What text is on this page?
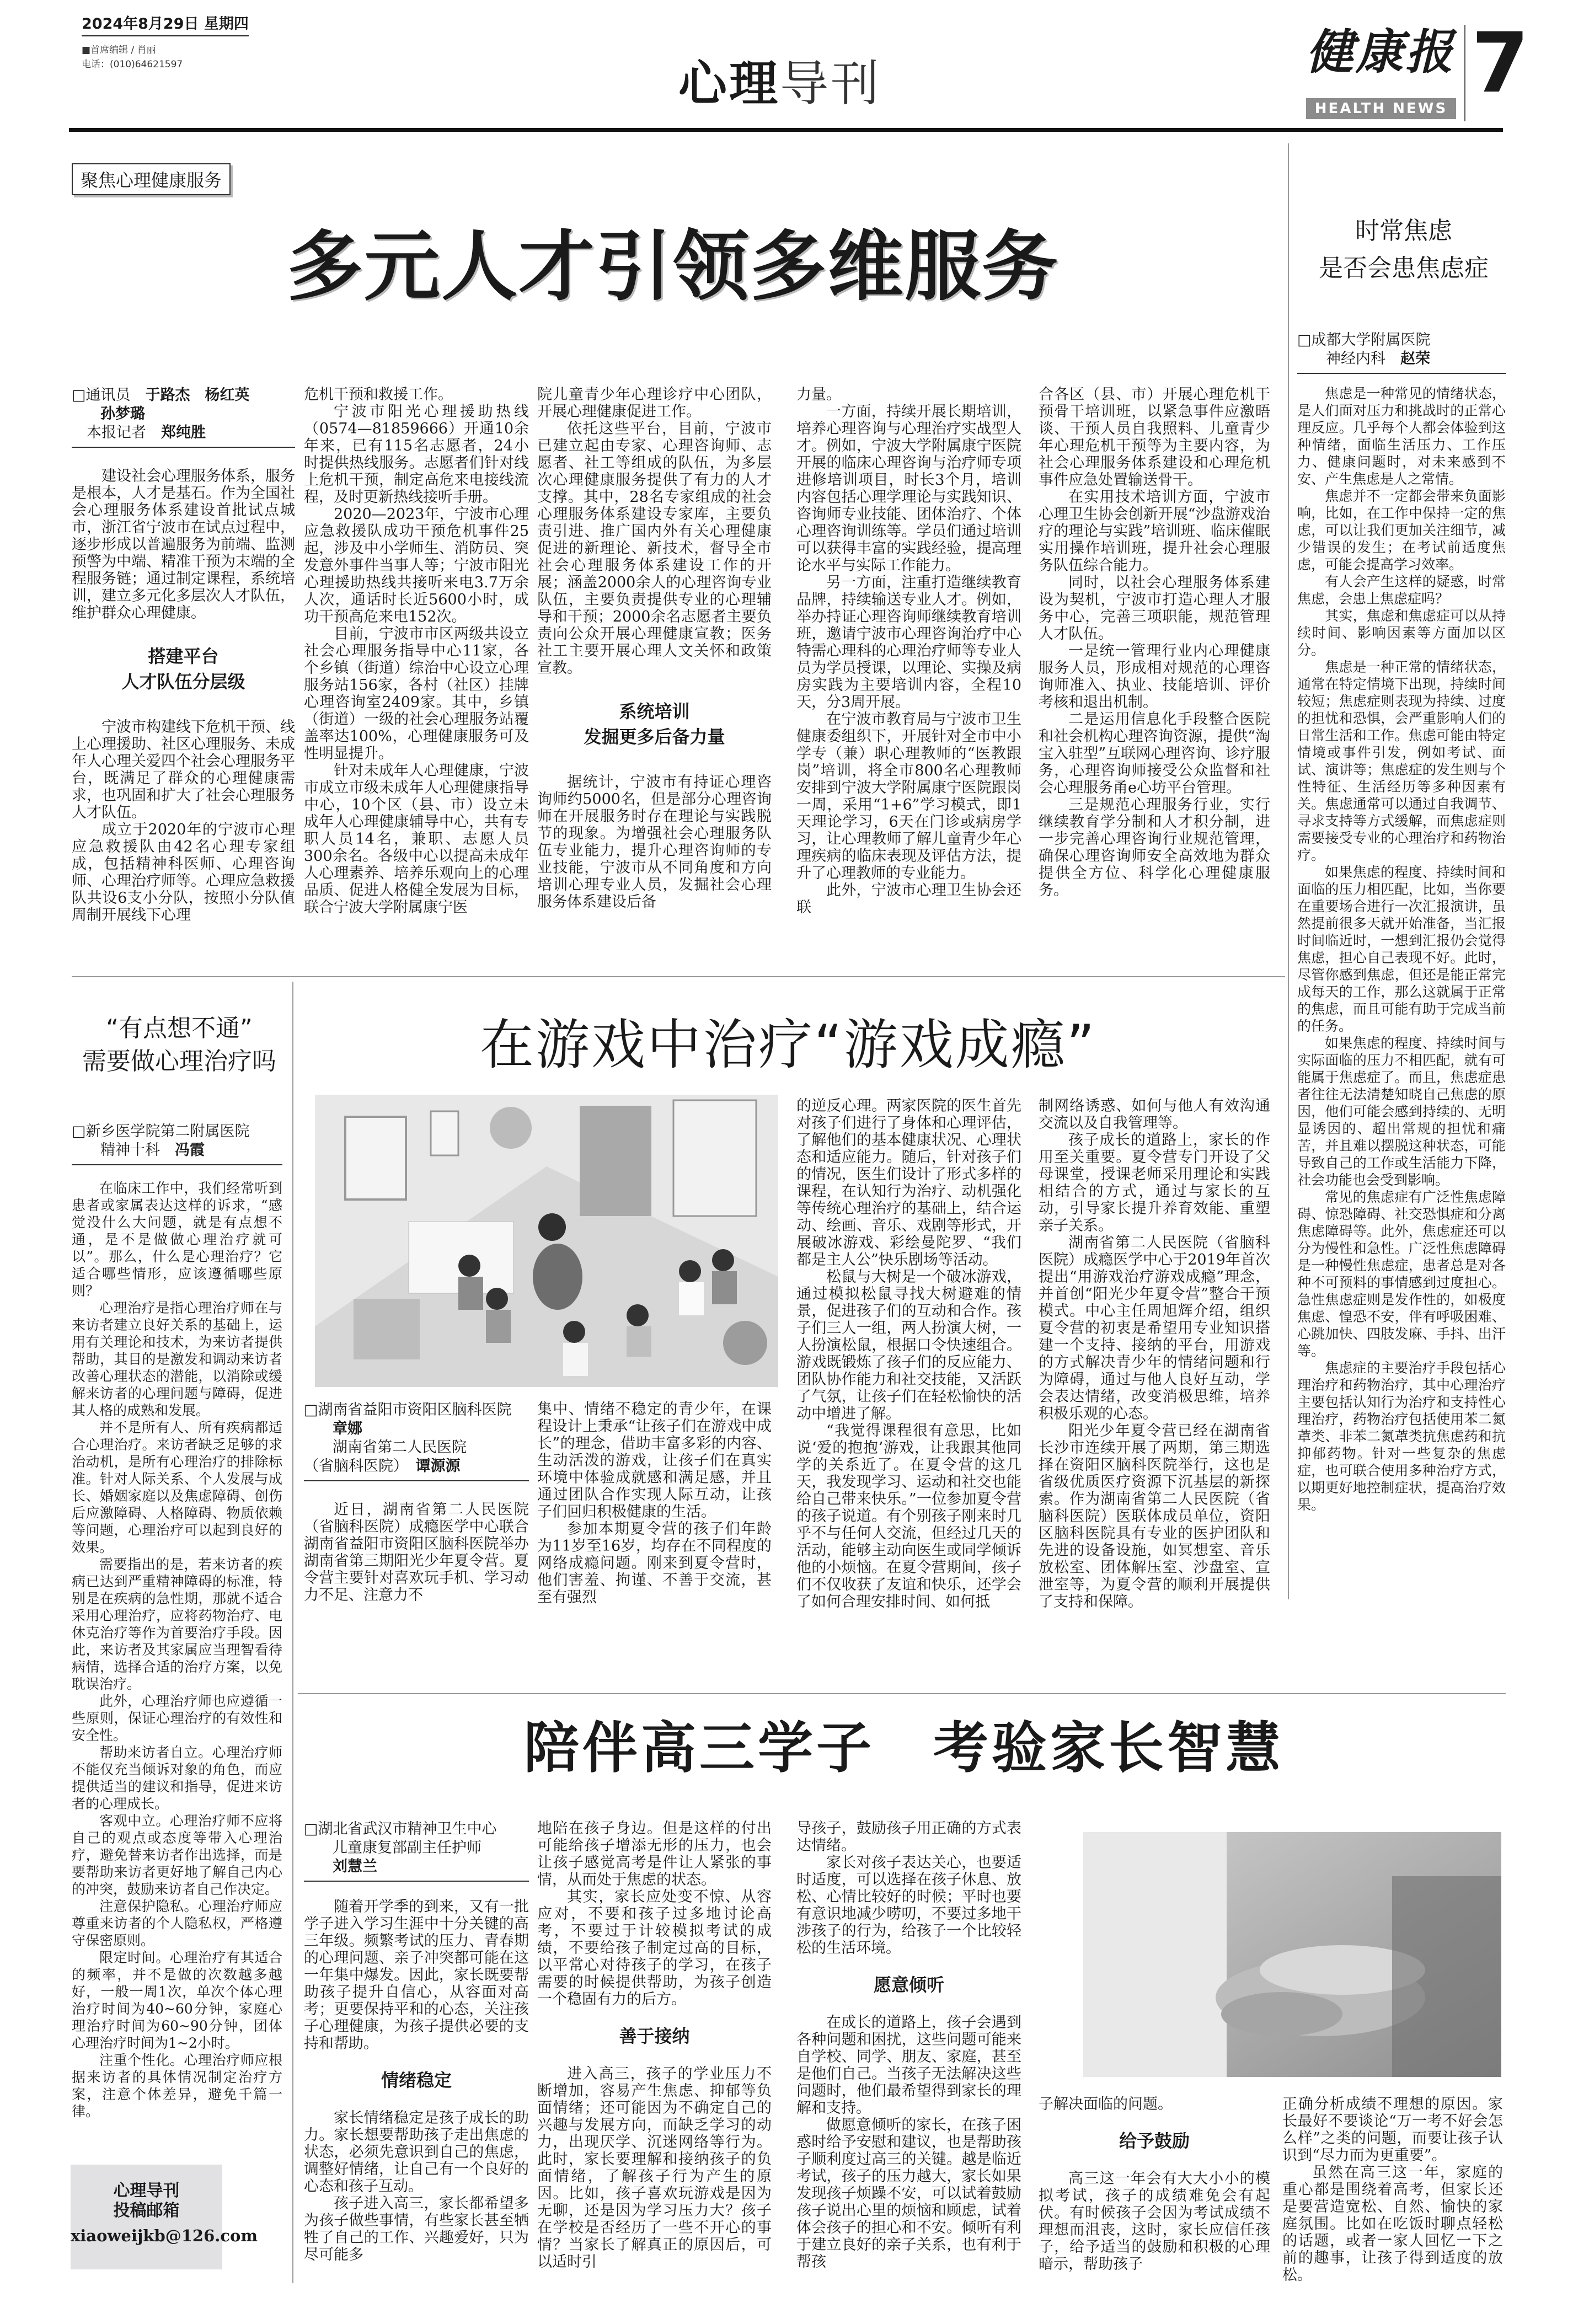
2024年8月29日 星期四
■首席编辑 / 肖丽
电话：(010)64621597	心理导刊
健康报
HEALTH NEWS 7
聚焦心理健康服务
多元人才引领多维服务
□通讯员　于路杰　杨红英
孙梦璐
　本报记者　郑纯胜

建设社会心理服务体系，服务是根本，人才是基石。作为全国社会心理服务体系建设首批试点城市，浙江省宁波市在试点过程中，逐步形成以普遍服务为前端、监测预警为中端、精准干预为末端的全程服务链；通过制定课程，系统培训，建立多元化多层次人才队伍，维护群众心理健康。

搭建平台
人才队伍分层级

宁波市构建线下危机干预、线上心理援助、社区心理服务、未成年人心理关爱四个社会心理服务平台，既满足了群众的心理健康需求，也巩固和扩大了社会心理服务人才队伍。

成立于2020年的宁波市心理应急救援队由42名心理专家组成，包括精神科医师、心理咨询师、心理治疗师等。心理应急救援队共设6支小分队，按照小分队值周制开展线下心理

危机干预和救援工作。

宁波市阳光心理援助热线（0574—81859666）开通10余年来，已有115名志愿者，24小时提供热线服务。志愿者们针对线上危机干预，制定高危来电接线流程，及时更新热线接听手册。

2020—2023年，宁波市心理应急救援队成功干预危机事件25起，涉及中小学师生、消防员、突发意外事件当事人等；宁波市阳光心理援助热线共接听来电3.7万余人次，通话时长近5600小时，成功干预高危来电152次。

目前，宁波市市区两级共设立社会心理服务指导中心11家，各个乡镇（街道）综治中心设立心理服务站156家，各村（社区）挂牌心理咨询室2409家。其中，乡镇（街道）一级的社会心理服务站覆盖率达100%，心理健康服务可及性明显提升。

针对未成年人心理健康，宁波市成立市级未成年人心理健康指导中心，10个区（县、市）设立未成年人心理健康辅导中心，共有专职人员14名，兼职、志愿人员300余名。各级中心以提高未成年人心理素养、培养乐观向上的心理品质、促进人格健全发展为目标，联合宁波大学附属康宁医

院儿童青少年心理诊疗中心团队，开展心理健康促进工作。

依托这些平台，目前，宁波市已建立起由专家、心理咨询师、志愿者、社工等组成的队伍，为多层次心理健康服务提供了有力的人才支撑。其中，28名专家组成的社会心理服务体系建设专家库，主要负责引进、推广国内外有关心理健康促进的新理论、新技术，督导全市社会心理服务体系建设工作的开展；涵盖2000余人的心理咨询专业队伍，主要负责提供专业的心理辅导和干预；2000余名志愿者主要负责向公众开展心理健康宣教；医务社工主要开展心理人文关怀和政策宣教。

系统培训
发掘更多后备力量

据统计，宁波市有持证心理咨询师约5000名，但是部分心理咨询师在开展服务时存在理论与实践脱节的现象。为增强社会心理服务队伍专业能力，提升心理咨询师的专业技能，宁波市从不同角度和方向培训心理专业人员，发掘社会心理服务体系建设后备

力量。

一方面，持续开展长期培训，培养心理咨询与心理治疗实战型人才。例如，宁波大学附属康宁医院开展的临床心理咨询与治疗师专项进修培训项目，时长3个月，培训内容包括心理学理论与实践知识、咨询师专业技能、团体治疗、个体心理咨询训练等。学员们通过培训可以获得丰富的实践经验，提高理论水平与实际工作能力。

另一方面，注重打造继续教育品牌，持续输送专业人才。例如，举办持证心理咨询师继续教育培训班，邀请宁波市心理咨询治疗中心特需心理科的心理治疗师等专业人员为学员授课，以理论、实操及病房实践为主要培训内容，全程10天，分3周开展。

在宁波市教育局与宁波市卫生健康委组织下，开展针对全市中小学专（兼）职心理教师的“医教跟岗”培训，将全市800名心理教师安排到宁波大学附属康宁医院跟岗一周，采用“1+6”学习模式，即1天理论学习，6天在门诊或病房学习，让心理教师了解儿童青少年心理疾病的临床表现及评估方法，提升了心理教师的专业能力。

此外，宁波市心理卫生协会还联

合各区（县、市）开展心理危机干预骨干培训班，以紧急事件应激晤谈、干预人员自我照料、儿童青少年心理危机干预等为主要内容，为社会心理服务体系建设和心理危机事件应急处置输送骨干。

在实用技术培训方面，宁波市心理卫生协会创新开展“沙盘游戏治疗的理论与实践”培训班、临床催眠实用操作培训班，提升社会心理服务队伍综合能力。

同时，以社会心理服务体系建设为契机，宁波市打造心理人才服务中心，完善三项职能，规范管理人才队伍。

一是统一管理行业内心理健康服务人员，形成相对规范的心理咨询师准入、执业、技能培训、评价考核和退出机制。

二是运用信息化手段整合医院和社会机构心理咨询资源，提供“淘宝入驻型”互联网心理咨询、诊疗服务，心理咨询师接受公众监督和社会心理服务甬e心坊平台管理。

三是规范心理服务行业，实行继续教育学分制和人才积分制，进一步完善心理咨询行业规范管理，确保心理咨询师安全高效地为群众提供全方位、科学化心理健康服务。

时常焦虑
是否会患焦虑症
□成都大学附属医院
神经内科　赵荣

焦虑是一种常见的情绪状态，是人们面对压力和挑战时的正常心理反应。几乎每个人都会体验到这种情绪，面临生活压力、工作压力、健康问题时，对未来感到不安、产生焦虑是人之常情。

焦虑并不一定都会带来负面影响，比如，在工作中保持一定的焦虑，可以让我们更加关注细节，减少错误的发生；在考试前适度焦虑，可能会提高学习效率。

有人会产生这样的疑惑，时常焦虑，会患上焦虑症吗？

其实，焦虑和焦虑症可以从持续时间、影响因素等方面加以区分。

焦虑是一种正常的情绪状态，通常在特定情境下出现，持续时间较短；焦虑症则表现为持续、过度的担忧和恐惧，会严重影响人们的日常生活和工作。焦虑可能由特定情境或事件引发，例如考试、面试、演讲等；焦虑症的发生则与个性特征、生活经历等多种因素有关。焦虑通常可以通过自我调节、寻求支持等方式缓解，而焦虑症则需要接受专业的心理治疗和药物治疗。

如果焦虑的程度、持续时间和面临的压力相匹配，比如，当你要在重要场合进行一次汇报演讲，虽然提前很多天就开始准备，当汇报时间临近时，一想到汇报仍会觉得焦虑，担心自己表现不好。此时，尽管你感到焦虑，但还是能正常完成每天的工作，那么这就属于正常的焦虑，而且可能有助于完成当前的任务。

如果焦虑的程度、持续时间与实际面临的压力不相匹配，就有可能属于焦虑症了。而且，焦虑症患者往往无法清楚知晓自己焦虑的原因，他们可能会感到持续的、无明显诱因的、超出常规的担忧和痛苦，并且难以摆脱这种状态，可能导致自己的工作或生活能力下降，社会功能也会受到影响。

常见的焦虑症有广泛性焦虑障碍、惊恐障碍、社交恐惧症和分离焦虑障碍等。此外，焦虑症还可以分为慢性和急性。广泛性焦虑障碍是一种慢性焦虑症，患者总是对各种不可预料的事情感到过度担心。急性焦虑症则是发作性的，如极度焦虑、惶恐不安，伴有呼吸困难、心跳加快、四肢发麻、手抖、出汗等。

焦虑症的主要治疗手段包括心理治疗和药物治疗，其中心理治疗主要包括认知行为治疗和支持性心理治疗，药物治疗包括使用苯二氮䓬类、非苯二氮䓬类抗焦虑药和抗抑郁药物。针对一些复杂的焦虑症，也可联合使用多种治疗方式，以期更好地控制症状，提高治疗效果。

“有点想不通”
需要做心理治疗吗
□新乡医学院第二附属医院
精神十科　冯霞

在临床工作中，我们经常听到患者或家属表达这样的诉求，“感觉没什么大问题，就是有点想不通，是不是做做心理治疗就可以”。那么，什么是心理治疗？它适合哪些情形，应该遵循哪些原则？

心理治疗是指心理治疗师在与来访者建立良好关系的基础上，运用有关理论和技术，为来访者提供帮助，其目的是激发和调动来访者改善心理状态的潜能，以消除或缓解来访者的心理问题与障碍，促进其人格的成熟和发展。

并不是所有人、所有疾病都适合心理治疗。来访者缺乏足够的求治动机，是所有心理治疗的排除标准。针对人际关系、个人发展与成长、婚姻家庭以及焦虑障碍、创伤后应激障碍、人格障碍、物质依赖等问题，心理治疗可以起到良好的效果。

需要指出的是，若来访者的疾病已达到严重精神障碍的标准，特别是在疾病的急性期，那就不适合采用心理治疗，应将药物治疗、电休克治疗等作为首要治疗手段。因此，来访者及其家属应当理智看待病情，选择合适的治疗方案，以免耽误治疗。

此外，心理治疗师也应遵循一些原则，保证心理治疗的有效性和安全性。

帮助来访者自立。心理治疗师不能仅充当倾诉对象的角色，而应提供适当的建议和指导，促进来访者的心理成长。

客观中立。心理治疗师不应将自己的观点或态度等带入心理治疗，避免替来访者作出选择，而是要帮助来访者更好地了解自己内心的冲突，鼓励来访者自己作决定。

注意保护隐私。心理治疗师应尊重来访者的个人隐私权，严格遵守保密原则。

限定时间。心理治疗有其适合的频率，并不是做的次数越多越好，一般一周1次，单次个体心理治疗时间为40~60分钟，家庭心理治疗时间为60~90分钟，团体心理治疗时间为1~2小时。

注重个性化。心理治疗师应根据来访者的具体情况制定治疗方案，注意个体差异，避免千篇一律。

心理导刊
投稿邮箱
xiaoweijkb@126.com
在游戏中治疗“游戏成瘾”
□湖南省益阳市资阳区脑科医院
章娜
湖南省第二人民医院
（省脑科医院）　谭源源

近日，湖南省第二人民医院（省脑科医院）成瘾医学中心联合湖南省益阳市资阳区脑科医院举办湖南省第三期阳光少年夏令营。夏令营主要针对喜欢玩手机、学习动力不足、注意力不

集中、情绪不稳定的青少年，在课程设计上秉承“让孩子们在游戏中成长”的理念，借助丰富多彩的内容、生动活泼的游戏，让孩子们在真实环境中体验成就感和满足感，并且通过团队合作实现人际互动，让孩子们回归积极健康的生活。

参加本期夏令营的孩子们年龄为11岁至16岁，均存在不同程度的网络成瘾问题。刚来到夏令营时，他们害羞、拘谨、不善于交流，甚至有强烈

的逆反心理。两家医院的医生首先对孩子们进行了身体和心理评估，了解他们的基本健康状况、心理状态和适应能力。随后，针对孩子们的情况，医生们设计了形式多样的课程，在认知行为治疗、动机强化等传统心理治疗的基础上，结合运动、绘画、音乐、戏剧等形式，开展破冰游戏、彩绘曼陀罗、“我们都是主人公”快乐剧场等活动。

松鼠与大树是一个破冰游戏，通过模拟松鼠寻找大树避难的情景，促进孩子们的互动和合作。孩子们三人一组，两人扮演大树，一人扮演松鼠，根据口令快速组合。游戏既锻炼了孩子们的反应能力、团队协作能力和社交技能，又活跃了气氛，让孩子们在轻松愉快的活动中增进了解。

“我觉得课程很有意思，比如说‘爱的抱抱’游戏，让我跟其他同学的关系近了。在夏令营的这几天，我发现学习、运动和社交也能给自己带来快乐。”一位参加夏令营的孩子说道。有个别孩子刚来时几乎不与任何人交流，但经过几天的活动，能够主动向医生或同学倾诉他的小烦恼。在夏令营期间，孩子们不仅收获了友谊和快乐，还学会了如何合理安排时间、如何抵

制网络诱惑、如何与他人有效沟通交流以及自我管理等。

孩子成长的道路上，家长的作用至关重要。夏令营专门开设了父母课堂，授课老师采用理论和实践相结合的方式，通过与家长的互动，引导家长提升养育效能、重塑亲子关系。

湖南省第二人民医院（省脑科医院）成瘾医学中心于2019年首次提出“用游戏治疗游戏成瘾”理念，并首创“阳光少年夏令营”整合干预模式。中心主任周旭辉介绍，组织夏令营的初衷是希望用专业知识搭建一个支持、接纳的平台，用游戏的方式解决青少年的情绪问题和行为障碍，通过与他人良好互动，学会表达情绪，改变消极思维，培养积极乐观的心态。

阳光少年夏令营已经在湖南省长沙市连续开展了两期，第三期选择在资阳区脑科医院举行，这也是省级优质医疗资源下沉基层的新探索。作为湖南省第二人民医院（省脑科医院）医联体成员单位，资阳区脑科医院具有专业的医护团队和先进的设备设施，如冥想室、音乐放松室、团体解压室、沙盘室、宣泄室等，为夏令营的顺利开展提供了支持和保障。

陪伴高三学子　考验家长智慧
□湖北省武汉市精神卫生中心
儿童康复部副主任护师
刘慧兰

随着开学季的到来，又有一批学子进入学习生涯中十分关键的高三年级。频繁考试的压力、青春期的心理问题、亲子冲突都可能在这一年集中爆发。因此，家长既要帮助孩子提升自信心，从容面对高考；更要保持平和的心态，关注孩子心理健康，为孩子提供必要的支持和帮助。

情绪稳定

家长情绪稳定是孩子成长的助力。家长想要帮助孩子走出焦虑的状态，必须先意识到自己的焦虑，调整好情绪，让自己有一个良好的心态和孩子互动。

孩子进入高三，家长都希望多为孩子做些事情，有些家长甚至牺牲了自己的工作、兴趣爱好，只为尽可能多

地陪在孩子身边。但是这样的付出可能给孩子增添无形的压力，也会让孩子感觉高考是件让人紧张的事情，从而处于焦虑的状态。

其实，家长应处变不惊、从容应对，不要和孩子过多地讨论高考，不要过于计较模拟考试的成绩，不要给孩子制定过高的目标，以平常心对待孩子的学习，在孩子需要的时候提供帮助，为孩子创造一个稳固有力的后方。

善于接纳

进入高三，孩子的学业压力不断增加，容易产生焦虑、抑郁等负面情绪；还可能因为不确定自己的兴趣与发展方向，而缺乏学习的动力，出现厌学、沉迷网络等行为。此时，家长要理解和接纳孩子的负面情绪，了解孩子行为产生的原因。比如，孩子喜欢玩游戏是因为无聊，还是因为学习压力大？孩子在学校是否经历了一些不开心的事情？当家长了解真正的原因后，可以适时引

导孩子，鼓励孩子用正确的方式表达情绪。

家长对孩子表达关心，也要适时适度，可以选择在孩子休息、放松、心情比较好的时候；平时也要有意识地减少唠叨，不要过多地干涉孩子的行为，给孩子一个比较轻松的生活环境。

愿意倾听

在成长的道路上，孩子会遇到各种问题和困扰，这些问题可能来自学校、同学、朋友、家庭，甚至是他们自己。当孩子无法解决这些问题时，他们最希望得到家长的理解和支持。

做愿意倾听的家长，在孩子困惑时给予安慰和建议，也是帮助孩子顺利度过高三的关键。越是临近考试，孩子的压力越大，家长如果发现孩子烦躁不安，可以试着鼓励孩子说出心里的烦恼和顾虑，试着体会孩子的担心和不安。倾听有利于建立良好的亲子关系，也有利于帮孩

子解决面临的问题。

给予鼓励

高三这一年会有大大小小的模拟考试，孩子的成绩难免会有起伏。有时候孩子会因为考试成绩不理想而沮丧，这时，家长应信任孩子，给予适当的鼓励和积极的心理暗示，帮助孩子

正确分析成绩不理想的原因。家长最好不要谈论“万一考不好会怎么样”之类的问题，而要让孩子认识到“尽力而为更重要”。

虽然在高三这一年，家庭的重心都是围绕着高考，但家长还是要营造宽松、自然、愉快的家庭氛围。比如在吃饭时聊点轻松的话题，或者一家人回忆一下之前的趣事，让孩子得到适度的放松。
